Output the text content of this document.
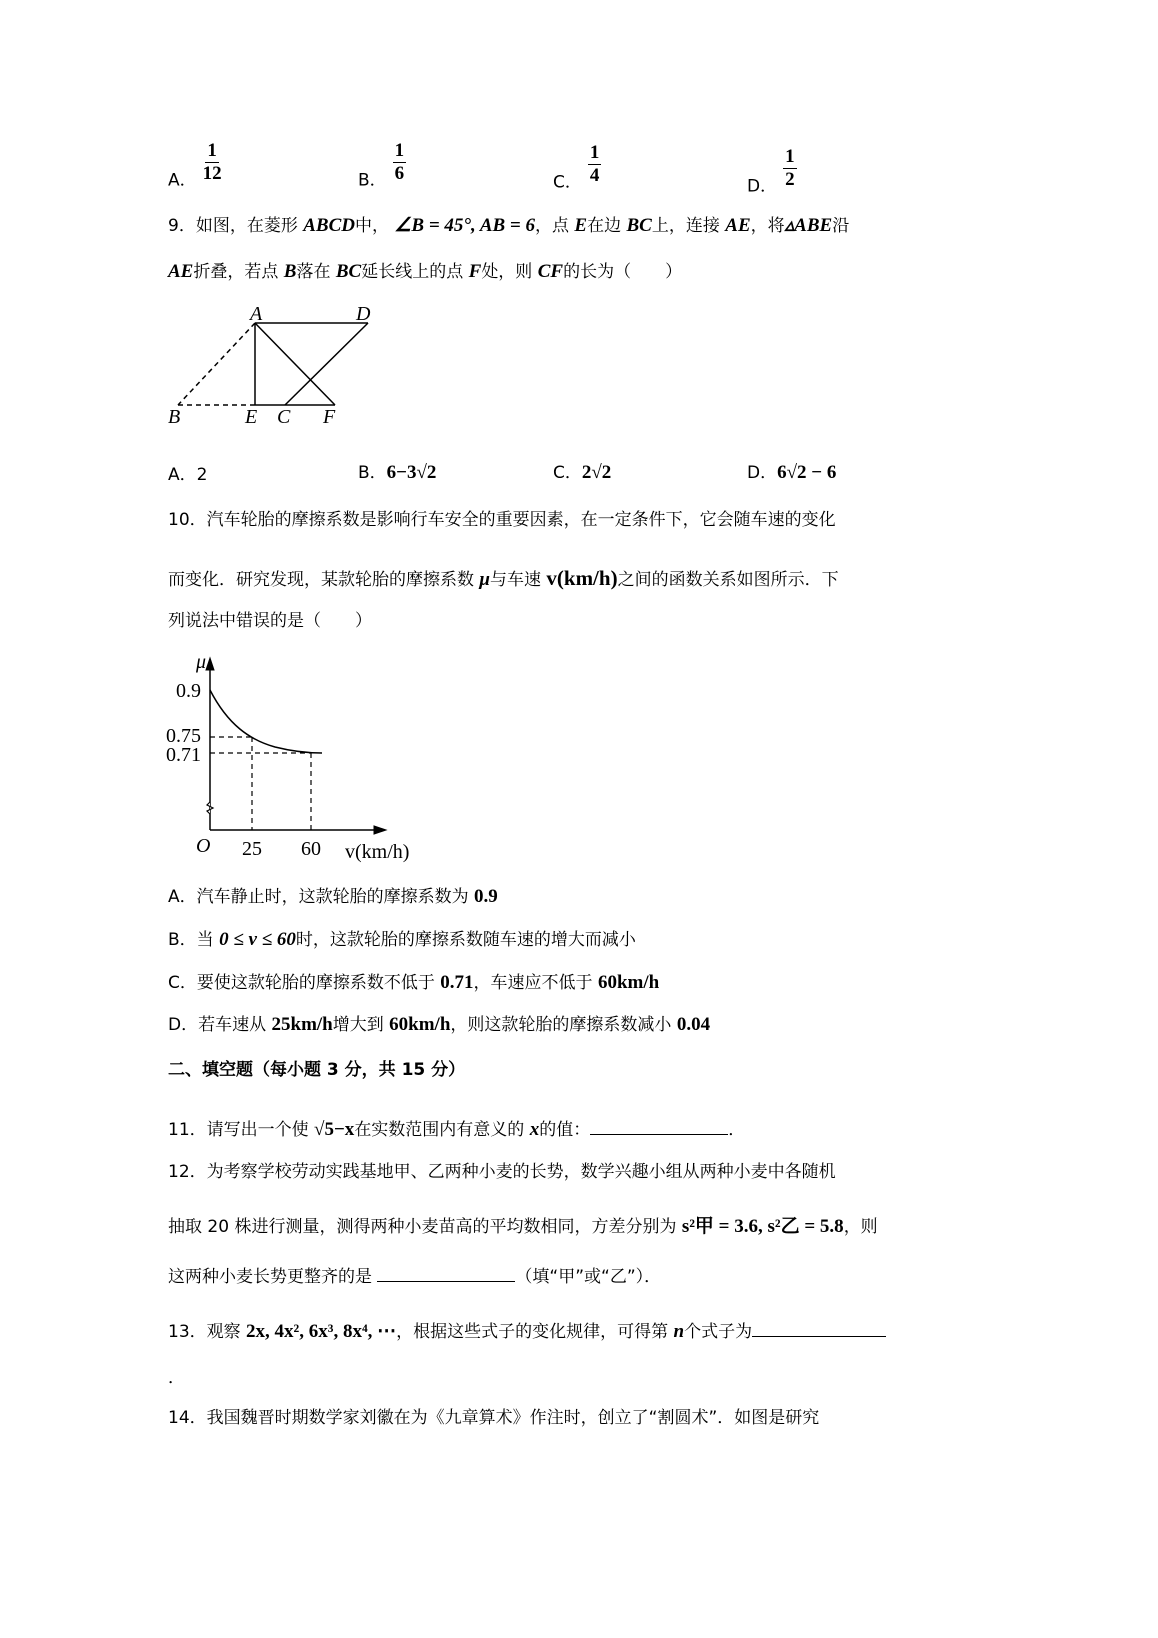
A． $\frac{1}{12}$	B． $\frac{1}{6}$	C． $\frac{1}{4}$	D． $\frac{1}{2}$
9．如图，在菱形 ABCD中， ∠B = 45°, AB = 6，点 E在边 BC上，连接 AE，将▵ABE沿
AE折叠，若点 B落在 BC延长线上的点 F处，则 CF的长为（　　）
A	D
B	E C F
μ
0.9
0.75
0.71
O 25 60 v(km/h)
A．2	B．6−3√2	C．2√2	D．6√2 − 6
10．汽车轮胎的摩擦系数是影响行车安全的重要因素，在一定条件下，它会随车速的变化
而变化．研究发现，某款轮胎的摩擦系数 μ与车速 v(km/h)之间的函数关系如图所示．下
列说法中错误的是（　　）
A．汽车静止时，这款轮胎的摩擦系数为 0.9
B．当 0 ≤ v ≤ 60时，这款轮胎的摩擦系数随车速的增大而减小
C．要使这款轮胎的摩擦系数不低于 0.71，车速应不低于 60km/h
D．若车速从 25km/h增大到 60km/h，则这款轮胎的摩擦系数减小 0.04
二、填空题（每小题 3 分，共 15 分）
11．请写出一个使 √5−x在实数范围内有意义的 x的值：	．
12．为考察学校劳动实践基地甲、乙两种小麦的长势，数学兴趣小组从两种小麦中各随机
抽取 20 株进行测量，测得两种小麦苗高的平均数相同，方差分别为 s²甲 = 3.6, s²乙 = 5.8，则
这两种小麦长势更整齐的是	（填“甲”或“乙”）．
13．观察 2x, 4x², 6x³, 8x⁴, ⋯，根据这些式子的变化规律，可得第 n个式子为
．
14．我国魏晋时期数学家刘徽在为《九章算术》作注时，创立了“割圆术”．如图是研究
